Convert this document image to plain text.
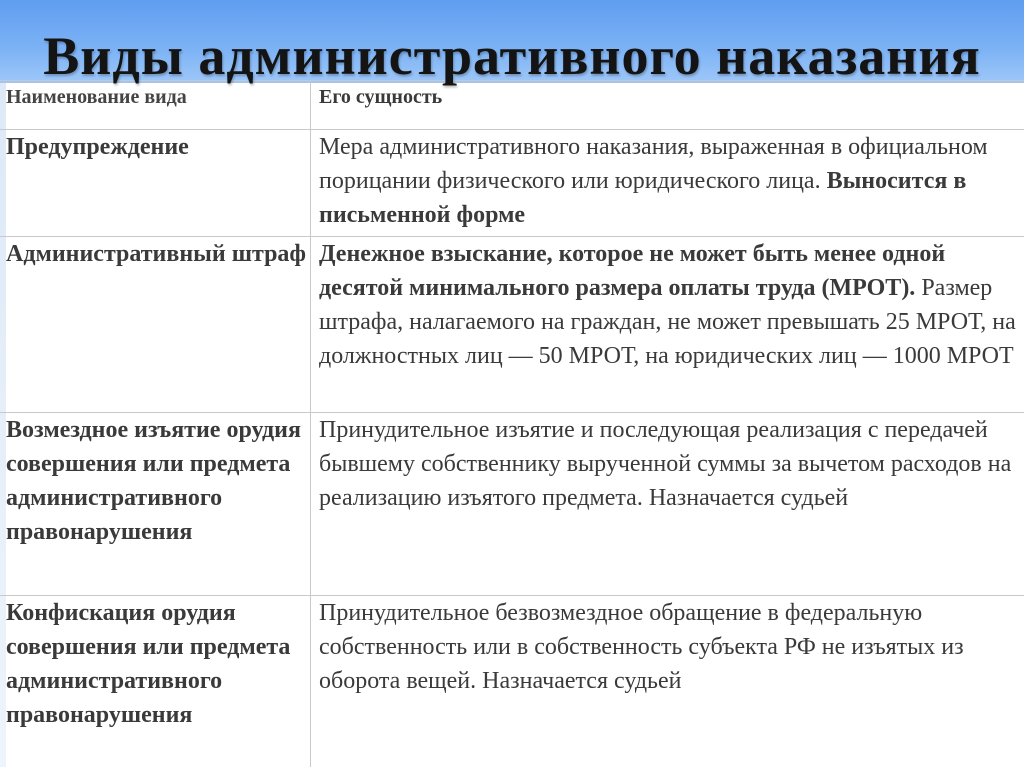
Наименование вида	Его сущность
Предупреждение	Мера административного наказания, выраженная в официальном порицании физического или юридического лица. Выносится в письменной форме
Административный штраф	Денежное взыскание, которое не может быть менее одной десятой минимального размера оплаты труда (МРОТ). Размер штрафа, налагаемого на граждан, не может превышать 25 МРОТ, на должностных лиц — 50 МРОТ, на юридических лиц — 1000 МРОТ
Возмездное изъятие орудия совершения или предмета административного правонарушения	Принудительное изъятие и последующая реализация с передачей бывшему собственнику вырученной суммы за вычетом расходов на реализацию изъятого предмета. Назначается судьей
Конфискация орудия совершения или предмета административного правонарушения	Принудительное безвозмездное обращение в федеральную собственность или в собственность субъекта РФ не изъятых из оборота вещей. Назначается судьей
Виды административного наказания
